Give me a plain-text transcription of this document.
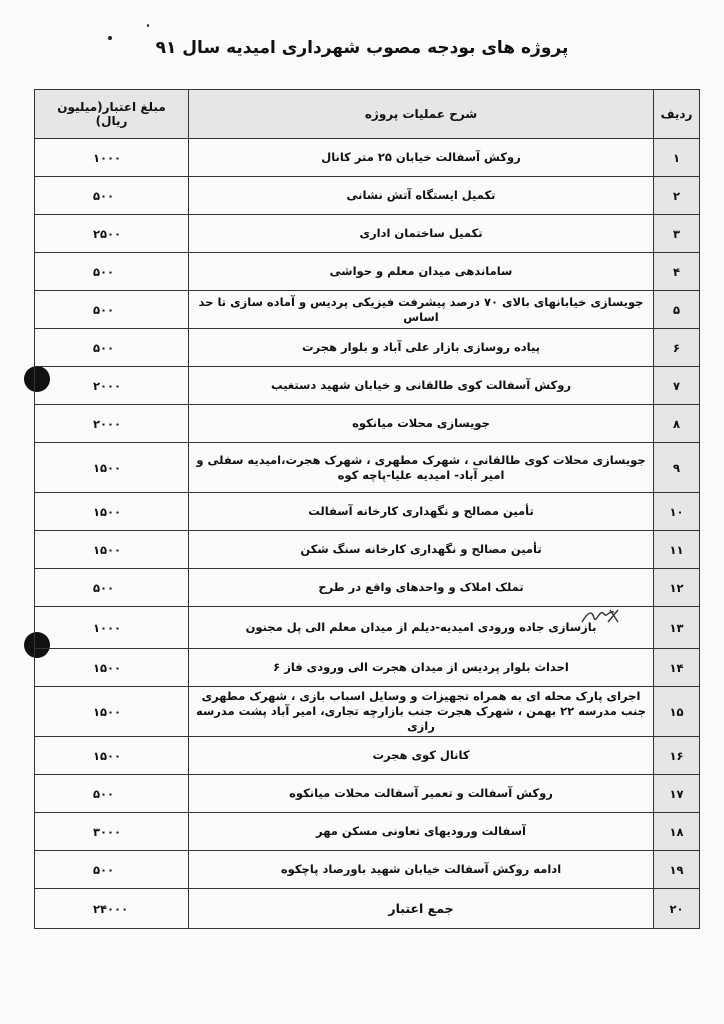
پروژه های بودجه مصوب شهرداری امیدیه سال ۹۱
ردیف	شرح عملیات پروژه	مبلغ اعتبار(میلیون ریال)
۱	روکش آسفالت خیابان ۲۵ متر کانال	۱۰۰۰
۲	تکمیل ایستگاه آتش نشانی	۵۰۰
۳	تکمیل ساختمان اداری	۲۵۰۰
۴	ساماندهی میدان معلم و حواشی	۵۰۰
۵	جویسازی خیابانهای بالای ۷۰ درصد پیشرفت فیزیکی پردیس و آماده سازی تا حد اساس	۵۰۰
۶	پیاده روسازی بازار علی آباد و بلوار هجرت	۵۰۰
۷	روکش آسفالت کوی طالقانی و خیابان شهید دستغیب	۲۰۰۰
۸	جویسازی محلات میانکوه	۲۰۰۰
۹	جویسازی محلات کوی طالقانی ، شهرک مطهری ، شهرک هجرت،امیدیه سفلی و امیر آباد- امیدیه علیا-پاچه کوه	۱۵۰۰
۱۰	تأمین مصالح و نگهداری کارخانه آسفالت	۱۵۰۰
۱۱	تأمین مصالح و نگهداری کارخانه سنگ شکن	۱۵۰۰
۱۲	تملک املاک و واحدهای واقع در طرح	۵۰۰
۱۳	بازسازی جاده ورودی امیدیه-دیلم از میدان معلم الی پل مجنون	۱۰۰۰
۱۴	احداث بلوار پردیس از میدان هجرت الی ورودی فاز ۶	۱۵۰۰
۱۵	اجرای پارک محله ای به همراه تجهیزات و وسایل اسباب بازی ، شهرک مطهری جنب مدرسه ۲۲ بهمن ، شهرک هجرت جنب بازارچه تجاری، امیر آباد پشت مدرسه رازی	۱۵۰۰
۱۶	کانال کوی هجرت	۱۵۰۰
۱۷	روکش آسفالت و تعمیر آسفالت محلات میانکوه	۵۰۰
۱۸	آسفالت ورودیهای تعاونی مسکن مهر	۳۰۰۰
۱۹	ادامه روکش آسفالت خیابان شهید باورصاد پاچکوه	۵۰۰
۲۰	جمع اعتبار	۲۴۰۰۰
